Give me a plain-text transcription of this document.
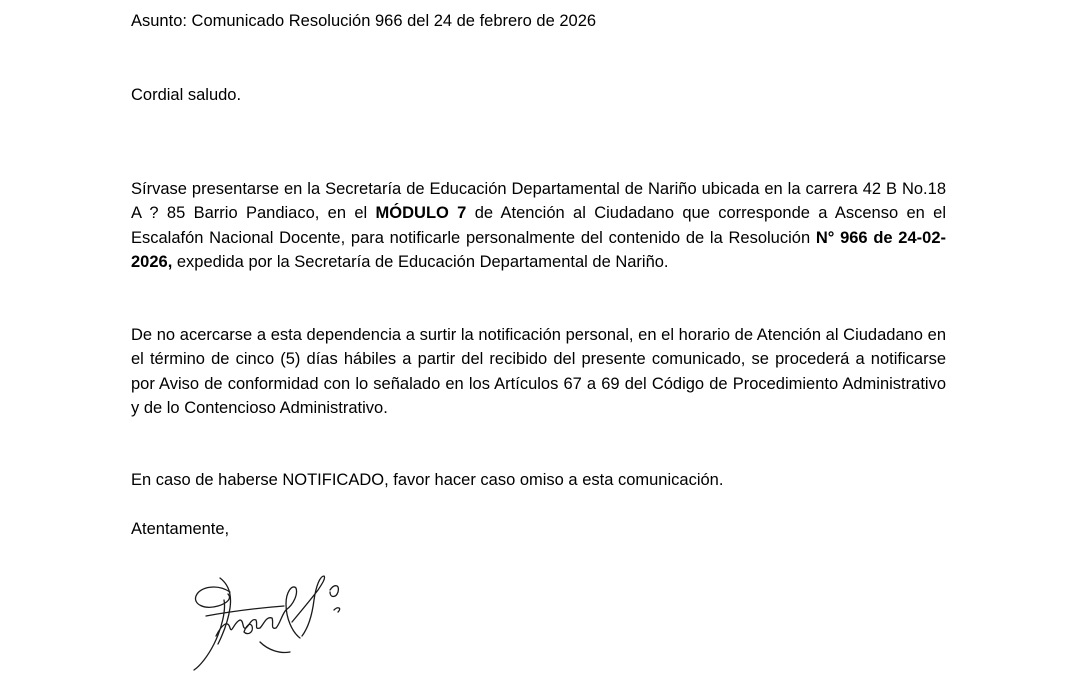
Asunto: Comunicado Resolución 966 del 24 de febrero de 2026
Cordial saludo.

Sírvase presentarse en la Secretaría de Educación Departamental de Nariño ubicada en la carrera 42 B No.18 A ? 85 Barrio Pandiaco, en el MÓDULO 7 de Atención al Ciudadano que corresponde a Ascenso en el Escalafón Nacional Docente, para notificarle personalmente del contenido de la Resolución N° 966 de 24-02-2026, expedida por la Secretaría de Educación Departamental de Nariño.

De no acercarse a esta dependencia a surtir la notificación personal, en el horario de Atención al Ciudadano en el término de cinco (5) días hábiles a partir del recibido del presente comunicado, se procederá a notificarse por Aviso de conformidad con lo señalado en los Artículos 67 a 69 del Código de Procedimiento Administrativo y de lo Contencioso Administrativo.

En caso de haberse NOTIFICADO, favor hacer caso omiso a esta comunicación.
Atentamente,
